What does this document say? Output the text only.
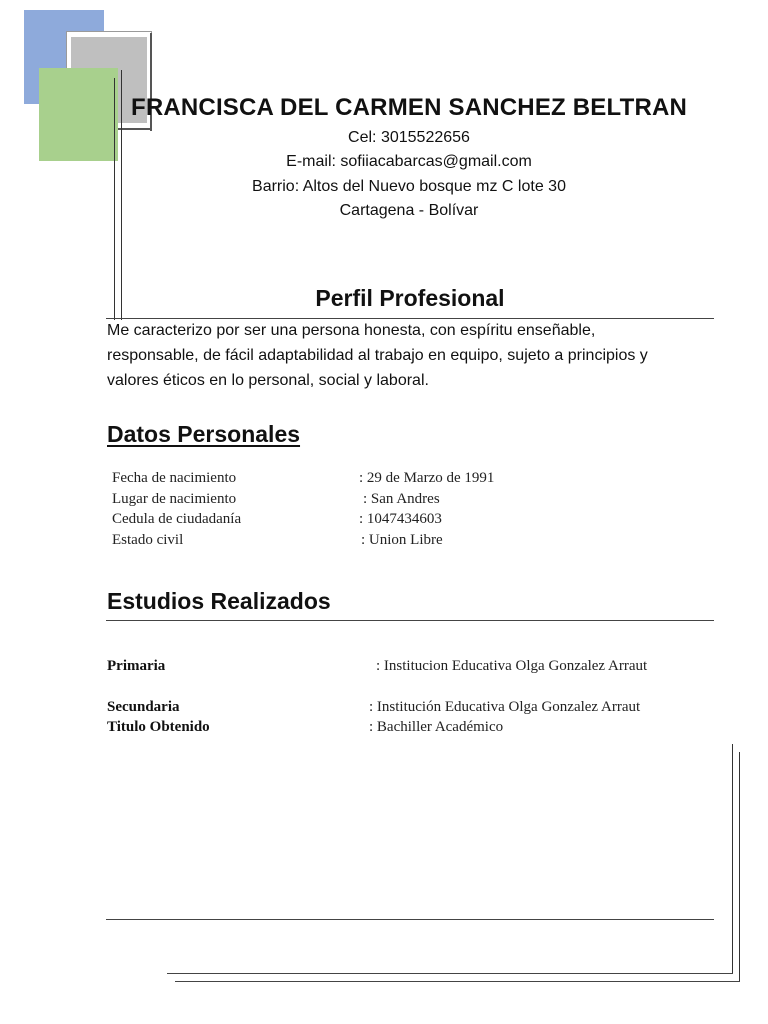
FRANCISCA DEL CARMEN SANCHEZ BELTRAN
Cel: 3015522656
E-mail: sofiiacabarcas@gmail.com
Barrio: Altos del Nuevo bosque mz C lote 30
Cartagena - Bolívar
Perfil Profesional
Me caracterizo por ser una persona honesta, con espíritu enseñable,
responsable, de fácil adaptabilidad al trabajo en equipo, sujeto a principios y
valores éticos en lo personal, social y laboral.
Datos Personales
Fecha de nacimiento	: 29 de Marzo de 1991
Lugar de nacimiento	: San Andres
Cedula de ciudadanía	: 1047434603
Estado civil	: Union Libre
Estudios Realizados
Primaria	: Institucion Educativa Olga Gonzalez Arraut
Secundaria	: Institución Educativa Olga Gonzalez Arraut
Titulo Obtenido	: Bachiller Académico
